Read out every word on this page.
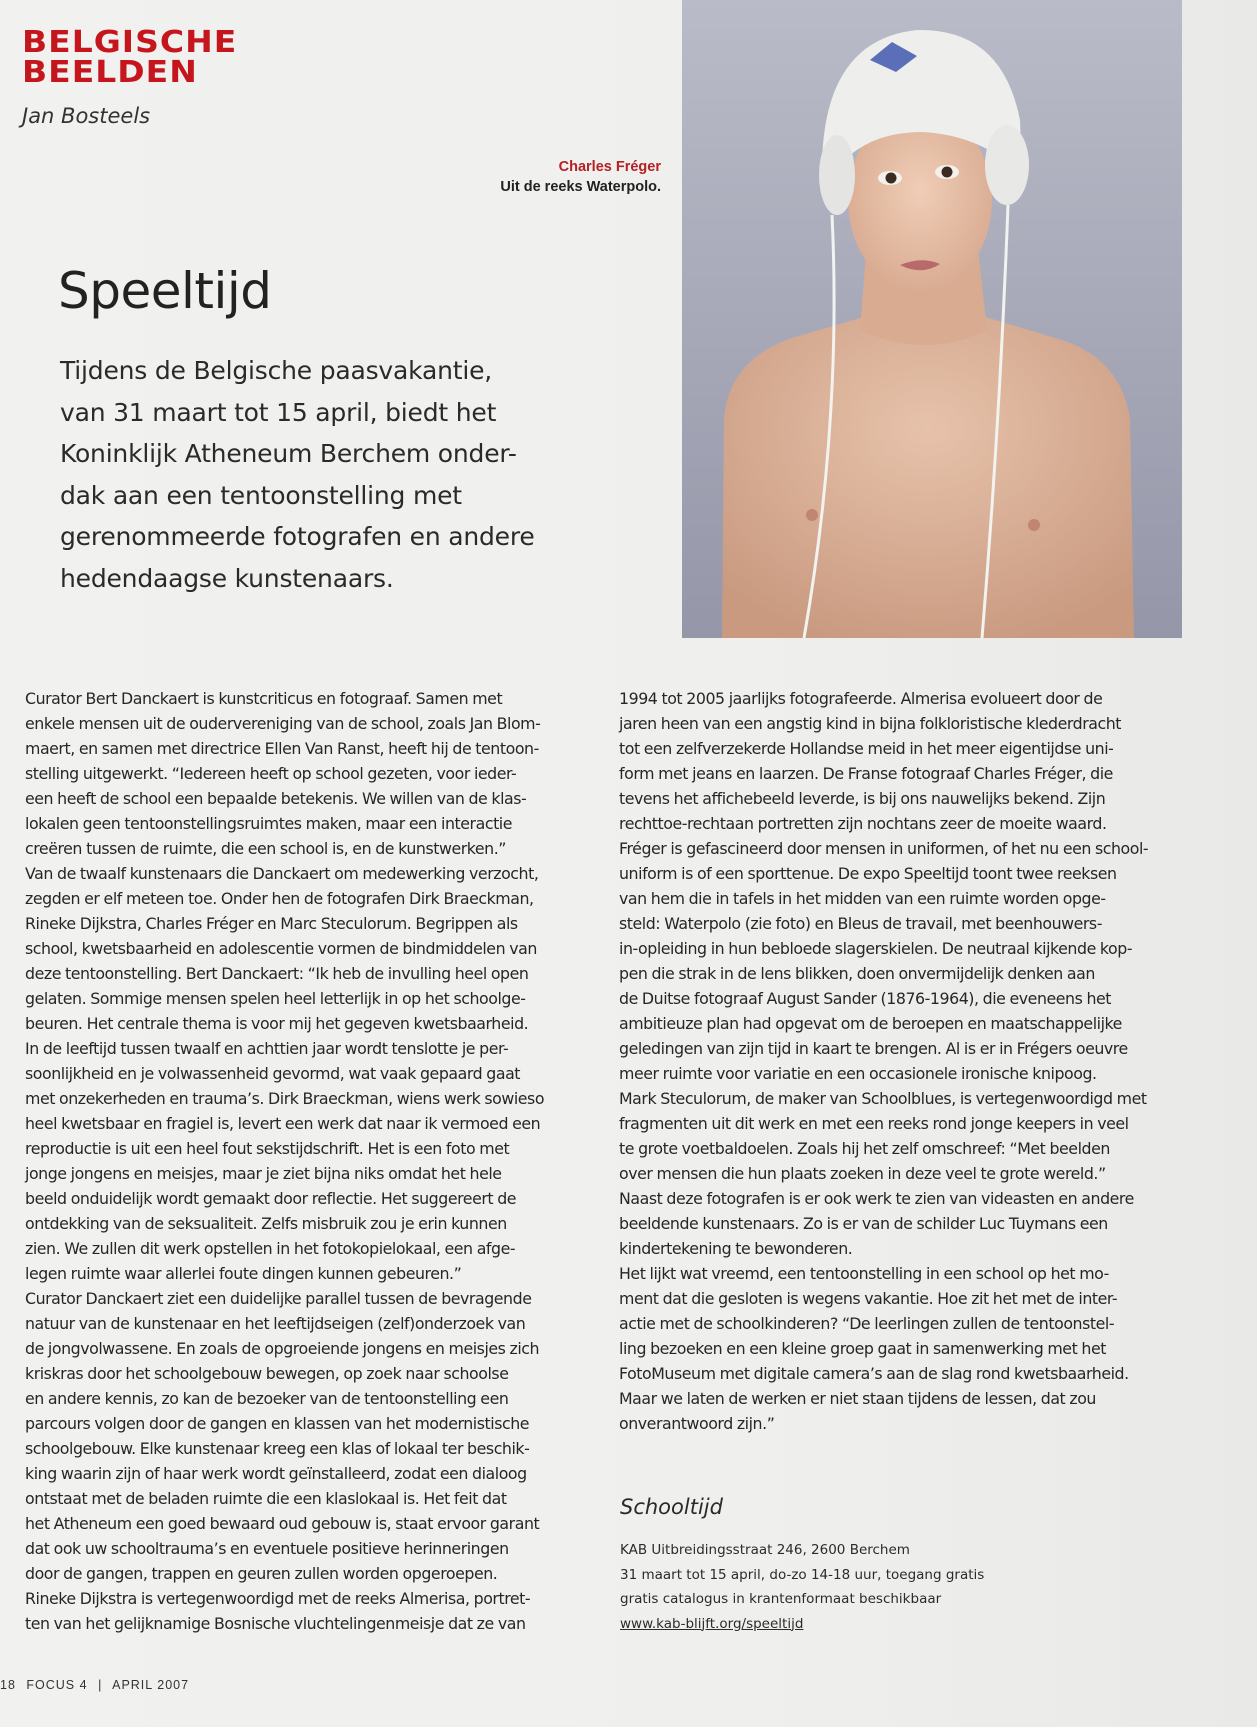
BELGISCHE
BEELDEN
Jan Bosteels
Charles Fréger
Uit de reeks Waterpolo.
Speeltijd
Tijdens de Belgische paasvakantie,
van 31 maart tot 15 april, biedt het
Koninklijk Atheneum Berchem onder-
dak aan een tentoonstelling met
gerenommeerde fotografen en andere
hedendaagse kunstenaars.
Curator Bert Danckaert is kunstcriticus en fotograaf. Samen met
enkele mensen uit de oudervereniging van de school, zoals Jan Blom-
maert, en samen met directrice Ellen Van Ranst, heeft hij de tentoon-
stelling uitgewerkt. “Iedereen heeft op school gezeten, voor ieder-
een heeft de school een bepaalde betekenis. We willen van de klas-
lokalen geen tentoonstellingsruimtes maken, maar een interactie
creëren tussen de ruimte, die een school is, en de kunstwerken.”
Van de twaalf kunstenaars die Danckaert om medewerking verzocht,
zegden er elf meteen toe. Onder hen de fotografen Dirk Braeckman,
Rineke Dijkstra, Charles Fréger en Marc Steculorum. Begrippen als
school, kwetsbaarheid en adolescentie vormen de bindmiddelen van
deze tentoonstelling. Bert Danckaert: “Ik heb de invulling heel open
gelaten. Sommige mensen spelen heel letterlijk in op het schoolge-
beuren. Het centrale thema is voor mij het gegeven kwetsbaarheid.
In de leeftijd tussen twaalf en achttien jaar wordt tenslotte je per-
soonlijkheid en je volwassenheid gevormd, wat vaak gepaard gaat
met onzekerheden en trauma’s. Dirk Braeckman, wiens werk sowieso
heel kwetsbaar en fragiel is, levert een werk dat naar ik vermoed een
reproductie is uit een heel fout sekstijdschrift. Het is een foto met
jonge jongens en meisjes, maar je ziet bijna niks omdat het hele
beeld onduidelijk wordt gemaakt door reflectie. Het suggereert de
ontdekking van de seksualiteit. Zelfs misbruik zou je erin kunnen
zien. We zullen dit werk opstellen in het fotokopielokaal, een afge-
legen ruimte waar allerlei foute dingen kunnen gebeuren.”
Curator Danckaert ziet een duidelijke parallel tussen de bevragende
natuur van de kunstenaar en het leeftijdseigen (zelf)onderzoek van
de jongvolwassene. En zoals de opgroeiende jongens en meisjes zich
kriskras door het schoolgebouw bewegen, op zoek naar schoolse
en andere kennis, zo kan de bezoeker van de tentoonstelling een
parcours volgen door de gangen en klassen van het modernistische
schoolgebouw. Elke kunstenaar kreeg een klas of lokaal ter beschik-
king waarin zijn of haar werk wordt geïnstalleerd, zodat een dialoog
ontstaat met de beladen ruimte die een klaslokaal is. Het feit dat
het Atheneum een goed bewaard oud gebouw is, staat ervoor garant
dat ook uw schooltrauma’s en eventuele positieve herinneringen
door de gangen, trappen en geuren zullen worden opgeroepen.
Rineke Dijkstra is vertegenwoordigd met de reeks Almerisa, portret-
ten van het gelijknamige Bosnische vluchtelingenmeisje dat ze van
1994 tot 2005 jaarlijks fotografeerde. Almerisa evolueert door de
jaren heen van een angstig kind in bijna folkloristische klederdracht
tot een zelfverzekerde Hollandse meid in het meer eigentijdse uni-
form met jeans en laarzen. De Franse fotograaf Charles Fréger, die
tevens het affichebeeld leverde, is bij ons nauwelijks bekend. Zijn
rechttoe-rechtaan portretten zijn nochtans zeer de moeite waard.
Fréger is gefascineerd door mensen in uniformen, of het nu een school-
uniform is of een sporttenue. De expo Speeltijd toont twee reeksen
van hem die in tafels in het midden van een ruimte worden opge-
steld: Waterpolo (zie foto) en Bleus de travail, met beenhouwers-
in-opleiding in hun bebloede slagerskielen. De neutraal kijkende kop-
pen die strak in de lens blikken, doen onvermijdelijk denken aan
de Duitse fotograaf August Sander (1876-1964), die eveneens het
ambitieuze plan had opgevat om de beroepen en maatschappelijke
geledingen van zijn tijd in kaart te brengen. Al is er in Frégers oeuvre
meer ruimte voor variatie en een occasionele ironische knipoog.
Mark Steculorum, de maker van Schoolblues, is vertegenwoordigd met
fragmenten uit dit werk en met een reeks rond jonge keepers in veel
te grote voetbaldoelen. Zoals hij het zelf omschreef: “Met beelden
over mensen die hun plaats zoeken in deze veel te grote wereld.”
Naast deze fotografen is er ook werk te zien van videasten en andere
beeldende kunstenaars. Zo is er van de schilder Luc Tuymans een
kindertekening te bewonderen.
Het lijkt wat vreemd, een tentoonstelling in een school op het mo-
ment dat die gesloten is wegens vakantie. Hoe zit het met de inter-
actie met de schoolkinderen? “De leerlingen zullen de tentoonstel-
ling bezoeken en een kleine groep gaat in samenwerking met het
FotoMuseum met digitale camera’s aan de slag rond kwetsbaarheid.
Maar we laten de werken er niet staan tijdens de lessen, dat zou
onverantwoord zijn.”
Schooltijd
KAB Uitbreidingsstraat 246, 2600 Berchem
31 maart tot 15 april, do-zo 14-18 uur, toegang gratis
gratis catalogus in krantenformaat beschikbaar
www.kab-blijft.org/speeltijd
18 FOCUS 4 | APRIL 2007
